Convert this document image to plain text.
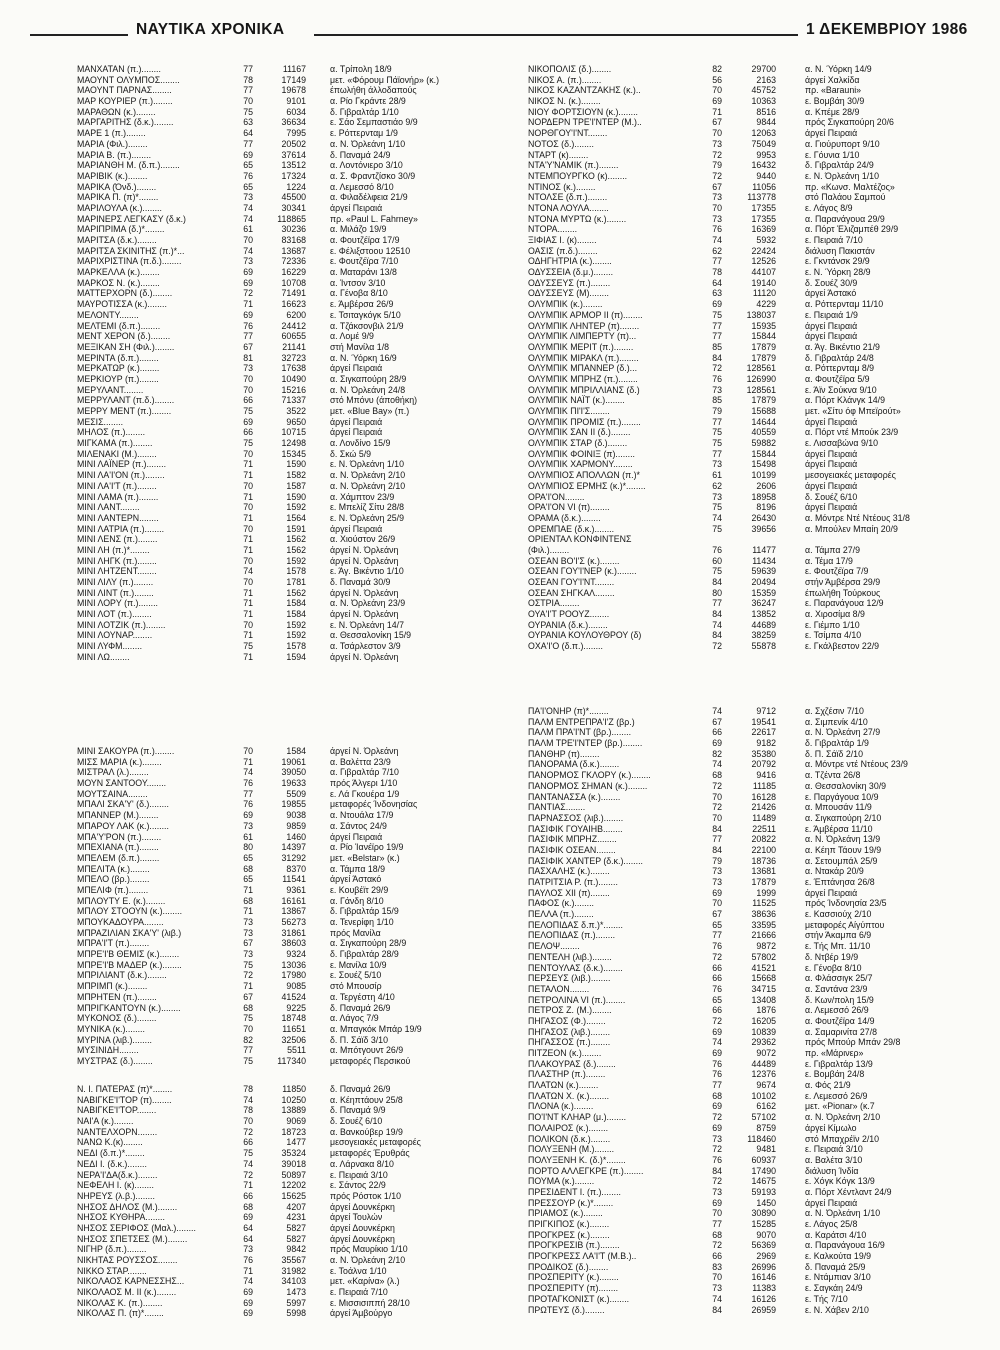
ΝΑΥΤΙΚΑ ΧΡΟΝΙΚΑ	1 ΔΕΚΕΜΒΡΙΟΥ 1986
ΜΑΝΧΑΤΑΝ (π.)........	77	11167	α. Τρίπολη 18/9
ΜΑΟΥΝΤ ΟΛΥΜΠΟΣ........	78	17149	μετ. «Φόρουμ Πάϊονήρ» (κ.)
ΜΑΟΥΝΤ ΠΑΡΝΑΣ........	77	19678	έπωλήθη άλλοδαπούς
ΜΑΡ ΚΟΥΡΙΕΡ (π.)........	70	9101	α. Ρίο Γκράντε 28/9
ΜΑΡΑΘΩΝ (κ.)........	75	6034	δ. Γιβραλτάρ 1/10
ΜΑΡΓΑΡΙΤΗΣ (δ.κ.)........	63	36634	ε. Σάο Σεμπαστιάο 9/9
ΜΑΡΕ 1 (π.)........	64	7995	ε. Ρόττερνταμ 1/9
ΜΑΡΙΑ (Φιλ.)........	77	20502	α. Ν. Όρλεάνη 1/10
ΜΑΡΙΑ Β. (π.)........	69	37614	δ. Παναμά 24/9
ΜΑΡΙΑΝΘΗ Μ. (δ.π.)........	65	13512	α. Λοντόνιερο 3/10
ΜΑΡΙΒΙΚ (κ.)........	76	17324	α. Σ. Φραντζίσκο 30/9
ΜΑΡΙΚΑ (Όνδ.)........	65	1224	α. Λεμεσσό 8/10
ΜΑΡΙΚΑ Π. (π)*........	73	45500	α. Φιλαδέλφεια 21/9
ΜΑΡΙΛΟΥΛΑ (κ.)........	74	30341	άργεί Πειραιά
ΜΑΡΙΝΕΡΣ ΛΕΓΚΑΣΥ (δ.κ.)	74	118865	πρ. «Paul L. Fahrney»
ΜΑΡΙΠΡΙΜΑ (δ.)*........	61	30236	α. Μιλάζο 19/9
ΜΑΡΙΤΣΑ (δ.κ.)........	70	83168	α. Φουτζέϊρα 17/9
ΜΑΡΙΤΣΑ ΣΚΙΝΙΤΗΣ (π.)*...	74	13687	ε. Φέλιξστοου 12510
ΜΑΡΙΧΡΙΣΤΙΝΑ (π.δ.)........	73	72336	ε. Φουτζέϊρα 7/10
ΜΑΡΚΕΛΛΑ (κ.)........	69	16229	α. Ματαράνι 13/8
ΜΑΡΚΟΣ Ν. (κ.)........	69	10708	α. Ίντσον 3/10
ΜΑΤΤΕΡΧΟΡΝ (δ.)........	72	71491	α. Γένοβα 8/10
ΜΑΥΡΟΤΙΣΣΑ (κ.)........	71	16623	ε. Άμβέρσα 26/9
ΜΕΛΟΝΤΥ........	69	6200	ε. Τσιταγκόγκ 5/10
ΜΕΛΤΕΜΙ (δ.π.)........	76	24412	α. Τζάκσονβιλ 21/9
ΜΕΝΤ ΧΕΡΟΝ (δ.)........	77	60655	α. Λομέ 9/9
ΜΕΞΙΚΑΝ ΣΗ (Φιλ.)........	67	21141	στή Μανίλα 1/8
ΜΕΡΙΝΤΑ (δ.π.)........	81	32723	α. Ν. Ύόρκη 16/9
ΜΕΡΚΑΤΩΡ (κ.)........	73	17638	άργεί Πειραιά
ΜΕΡΚΙΟΥΡ (π.)........	70	10490	α. Σιγκαπούρη 28/9
ΜΕΡΥΛΑΝΤ........	70	15216	α. Ν. Όρλεάνη 24/8
ΜΕΡΡΥΛΑΝΤ (π.δ.)........	66	71337	στό Μπόνυ (άποθήκη)
ΜΕΡΡΥ ΜΕΝΤ (π.)........	75	3522	μετ. «Blue Bay» (π.)
ΜΕΣΙΣ........	69	9650	άργεί Πειραιά
ΜΗΛΟΣ (π.)........	66	10715	άργεί Πειραιά
ΜΙΓΚΑΜΑ (π.)........	75	12498	α. Λονδίνο 15/9
ΜΙΛΕΝΑΚΙ (Μ.)........	70	15345	δ. Σκώ 5/9
ΜΙΝΙ ΛΑΪΝΕΡ (π.)........	71	1590	ε. Ν. Όρλεάνη 1/10
ΜΙΝΙ ΛΑ'Ι'ΟΝ (π.)........	71	1582	α. Ν. Όρλεάνη 2/10
ΜΙΝΙ ΛΑ'Ι'Τ (π.)........	70	1587	α. Ν. Όρλεάνη 2/10
ΜΙΝΙ ΛΑΜΑ (π.)........	71	1590	α. Χάμπτον 23/9
ΜΙΝΙ ΛΑΝΤ........	70	1592	ε. Μπελίζ Σίτυ 28/8
ΜΙΝΙ ΛΑΝΤΕΡΝ........	71	1564	ε. Ν. Όρλεάνη 25/9
ΜΙΝΙ ΛΑΤΡΙΑ (π.)........	70	1591	άργεί Πειραιά
ΜΙΝΙ ΛΕΝΣ (π.)........	71	1562	α. Χιούστον 26/9
ΜΙΝΙ ΛΗ (π.)*........	71	1562	άργεί Ν. Όρλεάνη
ΜΙΝΙ ΛΗΓΚ (π.)........	70	1592	άργεί Ν. Όρλεάνη
ΜΙΝΙ ΛΗΤΖΕΝΤ........	74	1578	ε. Άγ. Βικέντιο 1/10
ΜΙΝΙ ΛΙΛΥ (π.)........	70	1781	δ. Παναμά 30/9
ΜΙΝΙ ΛΙΝΤ (π.)........	71	1562	άργεί Ν. Όρλεάνη
ΜΙΝΙ ΛΟΡΥ (π.)........	71	1584	α. Ν. Όρλεάνη 23/9
ΜΙΝΙ ΛΟΤ (π.)........	71	1584	άργεί Ν. Όρλεάνη
ΜΙΝΙ ΛΟΤΖΙΚ (π.)........	70	1592	ε. Ν. Όρλεάνη 14/7
ΜΙΝΙ ΛΟΥΝΑΡ........	71	1592	α. Θεσσαλονίκη 15/9
ΜΙΝΙ ΛΥΦΜ........	75	1578	α. Τσάρλεστον 3/9
ΜΙΝΙ ΛΩ........	71	1594	άργεί Ν. Όρλεάνη
ΜΙΝΙ ΣΑΚΟΥΡΑ (π.)........	70	1584	άργεί Ν. Όρλεάνη
ΜΙΣΣ ΜΑΡΙΑ (κ.)........	71	19061	α. Βαλέττα 23/9
ΜΙΣΤΡΑΛ (λ.)........	74	39050	α. Γιβραλτάρ 7/10
ΜΟΥΝ ΣΑΝΤΟΟΥ........	76	19633	πρός Άλγερι 1/10
ΜΟΥΤΣΑΙΝΑ........	77	5509	ε. Λά Γκουέρα 1/9
ΜΠΑΛΙ ΣΚΑ'Υ' (δ.)........	76	19855	μεταφορές Ίνδονησίας
ΜΠΑΝΝΕΡ (Μ.)........	69	9038	α. Ντουάλα 17/9
ΜΠΑΡΟΥ ΛΑΚ (κ.)........	73	9859	α. Σάντος 24/9
ΜΠΑ'Υ'ΡΟΝ (π.)........	61	1460	άργεί Πειραιά
ΜΠΕΧΙΑΝΑ (π.)........	80	14397	α. Ρίο Ίανέϊρο 19/9
ΜΠΕΛΕΜ (δ.π.)........	65	31292	μετ. «Belstar» (κ.)
ΜΠΕΛΙΤΑ (κ.)........	68	8370	α. Τάμπα 18/9
ΜΠΕΛΟ (βρ.)........	65	11541	άργεί Άστακό
ΜΠΕΛΙΦ (π.)........	71	9361	ε. Κουβέϊτ 29/9
ΜΠΛΟΥΤΥ Ε. (κ.)........	68	16161	α. Γάνδη 8/10
ΜΠΛΟΥ ΣΤΟΟΥΝ (κ.)........	71	13867	δ. Γιβραλτάρ 15/9
ΜΠΟΥΚΑΔΟΥΡΑ........	73	56273	α. Τενερίφη 1/10
ΜΠΡΑΖΙΛΙΑΝ ΣΚΑ'Υ' (λιβ.)	73	31861	πρός Μανίλα
ΜΠΡΑ'Ι'Τ (π.)........	67	38603	α. Σιγκαπούρη 28/9
ΜΠΡΕ'Ι'Β ΘΕΜΙΣ (κ.)........	73	9324	δ. Γιβραλτάρ 28/9
ΜΠΡΕ'Ι'Β ΜΑΔΕΡ (κ.)........	75	13036	ε. Μανίλα 10/9
ΜΠΡΙΛΙΑΝΤ (δ.κ.)........	72	17980	ε. Σουέζ 5/10
ΜΠΡΙΜΠ (κ.)........	71	9085	στό Μπουσίρ
ΜΠΡΗΤΕΝ (π.)........	67	41524	α. Τεργέστη 4/10
ΜΠΡΙΓΚΑΝΤΟΥΝ (κ.)........	68	9225	δ. Παναμά 26/9
ΜΥΚΟΝΟΣ (δ.)........	75	18748	α. Λάγος 7/9
ΜΥΝΙΚΑ (κ.)........	70	11651	α. Μπαγκόκ Μπάρ 19/9
ΜΥΡΙΝΑ (λιβ.)........	82	32506	δ. Π. Σάϊδ 3/10
ΜΥΣΙΝΙΔΗ........	77	5511	α. Μπότγουντ 26/9
ΜΥΣΤΡΑΣ (δ.)........	75	117340	μεταφορές Περσικού
Ν. Ι. ΠΑΤΕΡΑΣ (π)*........	78	11850	δ. Παναμά 26/9
ΝΑΒΙΓΚΕ'Ι'ΤΟΡ (π)........	74	10250	α. Κέηπτάουν 25/8
ΝΑΒΙΓΚΕ'Ι'ΤΟΡ........	78	13889	δ. Παναμά 9/9
ΝΑΙ'Α (κ.)........	70	9069	δ. Σουέζ 6/10
ΝΑΝΤΕΛΧΟΡΝ........	72	18723	α. Βανκούβερ 19/9
ΝΑΝΩ Κ.(κ)........	66	1477	μεσογειακές μεταφορές
ΝΕΔΙ (δ.π.)*........	75	35324	μεταφορές Έρυθράς
ΝΕΔΙ Ι. (δ.κ.)........	74	39018	α. Λάρνακα 8/10
ΝΕΡΑ'Ι'ΔΑ(δ.κ.)........	72	50897	ε. Πειραιά 3/10
ΝΕΦΕΛΗ Ι. (κ)........	71	12202	ε. Σάντος 22/9
ΝΗΡΕΥΣ (λ.β.)........	66	15625	πρός Ρόστοκ 1/10
ΝΗΣΟΣ ΔΗΛΟΣ (Μ.)........	68	4207	άργεί Δουνκέρκη
ΝΗΣΟΣ ΚΥΘΗΡΑ........	69	4231	άργεί Τουλών
ΝΗΣΟΣ ΣΕΡΙΦΟΣ (Μαλ.)........	64	5827	άργεί Δουνκέρκη
ΝΗΣΟΣ ΣΠΕΤΣΕΣ (Μ.)........	64	5827	άργεί Δουνκέρκη
ΝΙΓΗΡ (δ.π.)........	73	9842	πρός Μαυρίκιο 1/10
ΝΙΚΗΤΑΣ ΡΟΥΣΣΟΣ........	76	35567	α. Ν. Όρλεάνη 2/10
ΝΙΚΚΟ ΣΤΑΡ........	71	31982	ε. Τοάλνα 1/10
ΝΙΚΟΛΑΟΣ ΚΑΡΝΕΣΣΗΣ...	74	34103	μετ. «Καρίνα» (λ.)
ΝΙΚΟΛΑΟΣ Μ. ΙΙ (κ.)........	69	1473	ε. Πειραιά 7/10
ΝΙΚΟΛΑΣ Κ. (π.)........	69	5997	ε. Μισσισιππή 28/10
ΝΙΚΟΛΑΣ Π. (π)*........	69	5998	άργεί Άμβούργο
ΝΙΚΟΠΟΛΙΣ (δ.)........	82	29700	α. Ν. Ύόρκη 14/9
ΝΙΚΟΣ Α. (π.)........	56	2163	άργεί Χαλκίδα
ΝΙΚΟΣ ΚΑΖΑΝΤΖΑΚΗΣ (κ.)..	70	45752	πρ. «Barauni»
ΝΙΚΟΣ Ν. (κ.)........	69	10363	ε. Βομβάη 30/9
ΝΙΟΥ ΦΟΡΤΣΙΟΥΝ (κ.)........	71	8516	α. Κπέμε 28/9
ΝΟΡΔΕΡΝ ΤΡΕ'Ι'ΝΤΕΡ (Μ.)..	67	9844	πρός Σιγκαπούρη 20/6
ΝΟΡΘΓΟΥ'Ι'ΝΤ........	70	12063	άργεί Πειραιά
ΝΟΤΟΣ (δ.)........	73	75049	α. Γιούρυπορτ 9/10
ΝΤΑΡΤ (κ)........	72	9953	ε. Γόυνια 1/10
ΝΤΑ'Υ'ΝΑΜΙΚ (π.)........	79	16432	δ. Γιβραλτάρ 24/9
ΝΤΕΜΠΟΥΡΓΚΟ (κ)........	72	9440	ε. Ν. Όρλεάνη 1/10
ΝΤΙΝΟΣ (κ.)........	67	11056	πρ. «Κωνσ. Μαλτέζος»
ΝΤΟΛΣΕ (δ.π.)........	73	113778	στό Παλάου Σαμπού
ΝΤΟΝΑ ΛΟΥΛΑ........	70	17355	ε. Λάγος 8/9
ΝΤΟΝΑ ΜΥΡΤΩ (κ.)........	73	17355	α. Παρανάγουα 29/9
ΝΤΟΡΑ........	76	16369	α. Πόρτ Έλιζαμπέθ 29/9
ΞΙΦΙΑΣ Ι. (κ)........	74	5932	ε. Πειραιά 7/10
ΟΑΣΙΣ (π.δ.)........	62	22424	διάλυση Πακιστάν
ΟΔΗΓΗΤΡΙΑ (κ.)........	77	12526	ε. Γκντάνσκ 29/9
ΟΔΥΣΣΕΙΑ (δ.μ.)........	78	44107	ε. Ν. Ύόρκη 28/9
ΟΔΥΣΣΕΥΣ (π.)........	64	19140	δ. Σουέζ 30/9
ΟΔΥΣΣΕΥΣ (Μ)........	63	11120	άργεί Άστακό
ΟΛΥΜΠΙΚ (κ.)........	69	4229	α. Ρόττερνταμ 11/10
ΟΛΥΜΠΙΚ ΑΡΜΟΡ ΙΙ (π)........	75	138037	ε. Πειραιά 1/9
ΟΛΥΜΠΙΚ ΛΗΝΤΕΡ (π)........	77	15935	άργεί Πειραιά
ΟΛΥΜΠΙΚ ΛΙΜΠΕΡΤΥ (π)...	77	15844	άργεί Πειραιά
ΟΛΥΜΠΙΚ ΜΕΡΙΤ (π.)........	85	17879	α. Άγ. Βικέντιο 21/9
ΟΛΥΜΠΙΚ ΜΙΡΑΚΛ (π.)........	84	17879	δ. Γιβραλτάρ 24/8
ΟΛΥΜΠΙΚ ΜΠΑΝΝΕΡ (δ.)...	72	128561	α. Ρόττερνταμ 8/9
ΟΛΥΜΠΙΚ ΜΠΡΗΖ (π.)........	76	126990	α. Φουτζέϊρα 5/9
ΟΛΥΜΠΙΚ ΜΠΡΙΛΛΙΑΝΣ (δ.)	73	128561	ε. Άϊν Σούκνα 9/10
ΟΛΥΜΠΙΚ ΝΑΪΤ (κ.)........	85	17879	α. Πόρτ Κλάνγκ 14/9
ΟΛΥΜΠΙΚ ΠΙ'Ι'Σ........	79	15688	μετ. «Σίτυ όφ Μπεϊρούτ»
ΟΛΥΜΠΙΚ ΠΡΟΜΙΣ (π.)........	77	14644	άργεί Πειραιά
ΟΛΥΜΠΙΚ ΣΑΝ ΙΙ (δ.)........	75	40559	α. Πόρτ ντέ Μπούκ 23/9
ΟΛΥΜΠΙΚ ΣΤΑΡ (δ.)........	75	59882	ε. Λισσαβώνα 9/10
ΟΛΥΜΠΙΚ ΦΟΙΝΙΞ (π)........	77	15844	άργεί Πειραιά
ΟΛΥΜΠΙΚ ΧΑΡΜΟΝΥ........	73	15498	άργεί Πειραιά
ΟΛΥΜΠΙΟΣ ΑΠΟΛΛΩΝ (π.)*	61	10199	μεσογειακές μεταφορές
ΟΛΥΜΠΙΟΣ ΕΡΜΗΣ (κ.)*........	62	2606	άργεί Πειραιά
ΟΡΑ'Ι'ΟΝ........	73	18958	δ. Σουέζ 6/10
ΟΡΑ'Ι'ΟΝ VI (π)........	75	8196	άργεί Πειραιά
ΟΡΑΜΑ (δ.κ.)........	74	26430	α. Μόντρε Ντέ Ντέους 31/8
ΟΡΕΜΠΑΕ (δ.κ.)........	75	39656	α. Μπούλεν Μπαίη 20/9
ΟΡΙΕΝΤΑΛ ΚΟΝΦΙΝΤΕΝΣ
(Φιλ.)........	76	11477	α. Τάμπα 27/9
ΟΣΕΑΝ ΒΟ'Ι'Σ (κ.)........	60	11434	α. Τέμα 17/9
ΟΣΕΑΝ ΓΟΥ'Ι'ΝΕΡ (κ.)........	75	59639	ε. Φουτζέϊρα 7/9
ΟΣΕΑΝ ΓΟΥ'Ι'ΝΤ........	84	20494	στήν Άμβέρσα 29/9
ΟΣΕΑΝ ΣΗΓΚΑΛ........	80	15359	έπωλήθη Τούρκους
ΟΣΤΡΙΑ........	77	36247	ε. Παρανάγουα 12/9
ΟΥΑ'Ι'Τ ΡΟΟΥΖ........	84	13852	α. Χιροσίμα 8/9
ΟΥΡΑΝΙΑ (δ.κ.)........	74	44689	ε. Γιέμπο 1/10
ΟΥΡΑΝΙΑ ΚΟΥΛΟΥΘΡΟΥ (δ)	84	38259	ε. Τσίμπα 4/10
ΟΧΑ'Ι'Ο (δ.π.)........	72	55878	ε. Γκάλβεστον 22/9
ΠΑ'Ι'ΟΝΗΡ (π)*........	74	9712	α. Σχζέσιν 7/10
ΠΑΛΜ ΕΝΤΡΕΠΡΑ'Ι'Ζ (βρ.)	67	19541	α. Σιμπενίκ 4/10
ΠΑΛΜ ΠΡΑ'Ι'ΝΤ (βρ.)........	66	22617	α. Ν. Όρλεάνη 27/9
ΠΑΛΜ ΤΡΕ'Ι'ΝΤΕΡ (βρ.)........	69	9182	δ. Γιβραλτάρ 1/9
ΠΑΝΘΗΡ (π)........	82	35380	δ. Π. Σάϊδ 2/10
ΠΑΝΟΡΑΜΑ (δ.κ.)........	74	20792	α. Μόντρε ντέ Ντέους 23/9
ΠΑΝΟΡΜΟΣ ΓΚΛΟΡΥ (κ.)........	68	9416	α. Τζέντα 26/8
ΠΑΝΟΡΜΟΣ ΣΗΜΑΝ (κ.)........	72	11185	α. Θεσσαλονίκη 30/9
ΠΑΝΤΑΝΑΣΣΑ (κ.)........	70	16128	ε. Παργάγουα 10/9
ΠΑΝΤΙΑΣ........	72	21426	α. Μπουσάν 11/9
ΠΑΡΝΑΣΣΟΣ (λιβ.)........	70	11489	α. Σιγκαπούρη 2/10
ΠΑΣΙΦΙΚ ΓΟΥΑΙΗΒ........	84	22511	ε. Άμβέρσα 11/10
ΠΑΣΙΦΙΚ ΜΠΡΗΖ........	77	20822	α. Ν. Όρλεάνη 13/9
ΠΑΣΙΦΙΚ ΟΣΕΑΝ........	84	22100	α. Κέηπ Τάουν 19/9
ΠΑΣΙΦΙΚ ΧΑΝΤΕΡ (δ.κ.)........	79	18736	α. Σετουμπάλ 25/9
ΠΑΣΧΑΛΗΣ (κ.)........	73	13681	α. Ντακάρ 20/9
ΠΑΤΡΙΤΣΙΑ Ρ. (π.)........	73	17879	ε. Έπτάνησα 26/8
ΠΑΥΛΟΣ ΧΙΙ (π)........	69	1999	άργεί Πειραιά
ΠΑΦΟΣ (κ.)........	70	11525	πρός Ίνδονησία 23/5
ΠΕΛΛΑ (π.)........	67	38636	ε. Κασσιούχ 2/10
ΠΕΛΟΠΙΔΑΣ δ.π.)*........	65	33595	μεταφορές Αίγύπτου
ΠΕΛΟΠΙΔΑΣ (π.)........	77	21666	στήν Άκαμπα 6/9
ΠΕΛΟΨ........	76	9872	ε. Τής Μπ. 11/10
ΠΕΝΤΕΛΗ (λιβ.)........	72	57802	δ. Ντβέρ 19/9
ΠΕΝΤΟΥΛΑΣ (δ.κ.)........	66	41521	ε. Γένοβα 8/10
ΠΕΡΣΕΥΣ (λιβ.)........	66	15668	α. Φλάσσιγκ 25/7
ΠΕΤΑΛΟΝ........	76	34715	α. Σαντάνα 23/9
ΠΕΤΡΟΛΙΝΑ VI (π.)........	65	13408	δ. Κων/πολη 15/9
ΠΕΤΡΟΣ Ζ. (Μ.)........	66	1876	α. Λεμεσσό 26/9
ΠΗΓΑΣΟΣ (Φ.)........	72	16205	α. Φουτζέϊρα 14/9
ΠΗΓΑΣΟΣ (λιβ.)........	69	10839	α. Σαμαρινίτα 27/8
ΠΗΓΑΣΣΟΣ (π.)........	74	29362	πρός Μπούρ Μπάν 29/8
ΠΙΤΖΕΟΝ (κ.)........	69	9072	πρ. «Μάρινερ»
ΠΛΑΚΟΥΡΑΣ (δ.)........	76	44489	ε. Γιβραλτάρ 13/9
ΠΛΑΣΤΗΡ (π.)........	76	12376	ε. Βομβάη 24/8
ΠΛΑΤΩΝ (κ.)........	77	9674	α. Φός 21/9
ΠΛΑΤΩΝ Χ. (κ.)........	68	10102	ε. Λεμεσσό 26/9
ΠΛΟΝΑ (κ.)........	69	6162	μετ. «Pionar» (κ.7
ΠΟ'Ι'ΝΤ ΚΛΗΑΡ (μ.)........	72	57102	α. Ν. Όρλεάνη 2/10
ΠΟΛΑΙΡΟΣ (κ.)........	69	8759	άργεί Κίμωλο
ΠΟΛΙΚΟΝ (δ.κ.)........	73	118460	στό Μπαχρέϊν 2/10
ΠΟΛΥΞΕΝΗ (Μ.)........	72	9481	ε. Πειραιά 3/10
ΠΟΛΥΞΕΝΗ Κ. (δ.)*........	76	60937	α. Βαλέτα 3/10
ΠΟΡΤΟ ΑΛΛΕΓΚΡΕ (π.)........	84	17490	διάλυση Ίνδία
ΠΟΥΜΑ (κ.)........	72	14675	ε. Χόγκ Κόγκ 13/9
ΠΡΕΣΙΔΕΝΤ Ι. (π.)........	73	59193	α. Πόρτ Χέντλαντ 24/9
ΠΡΕΣΣΟΥΡ (κ.)*........	69	1450	άργεί Πειραιά
ΠΡΙΑΜΟΣ (κ.)........	70	30890	α. Ν. Όρλεάνη 1/10
ΠΡΙΓΚΙΠΟΣ (κ.)........	77	15285	ε. Λάγος 25/8
ΠΡΟΓΚΡΕΣ (κ.)........	68	9070	α. Καράτσι 4/10
ΠΡΟΓΚΡΕΣΙΒ (π.)........	72	56369	α. Παρανάγουα 16/9
ΠΡΟΓΚΡΕΣΣ ΛΑ'Ι'Τ (Μ.Β.)..	66	2969	ε. Καλκούτα 19/9
ΠΡΟΔΙΚΟΣ (δ.)........	83	26996	δ. Παναμά 25/9
ΠΡΟΣΠΕΡΙΤΥ (κ.)........	70	16146	ε. Ντάμπιαν 3/10
ΠΡΟΣΠΕΡΙΤΥ (π)........	73	11383	ε. Σαγκάη 24/9
ΠΡΟΤΑΓΚΟΝΙΣΤ (κ.)........	74	16126	ε. Τής 7/10
ΠΡΩΤΕΥΣ (δ.)........	84	26959	ε. Ν. Χάβεν 2/10
